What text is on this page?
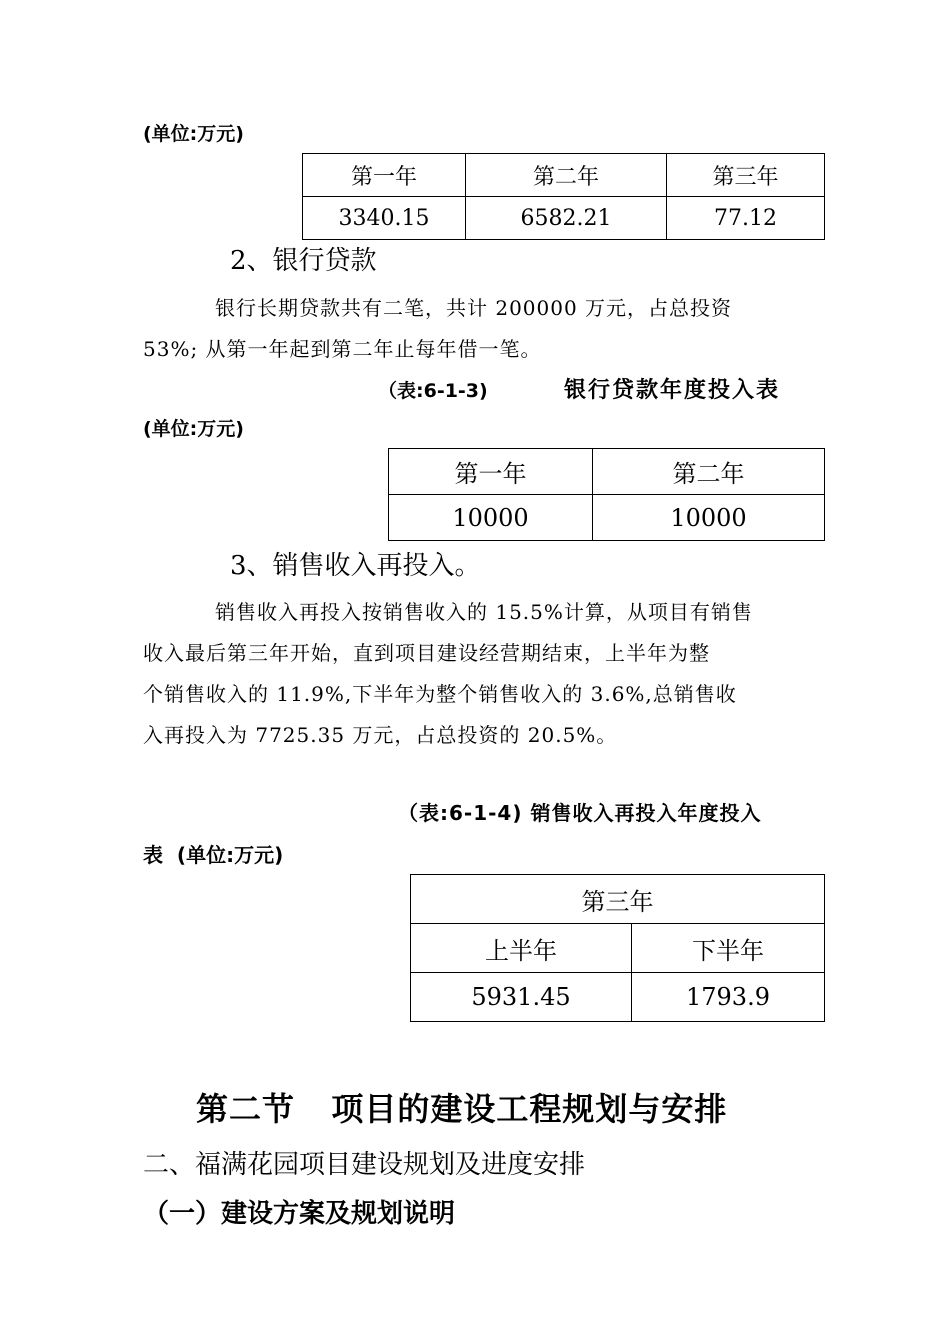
(单位:万元)
第一年	第二年	第三年
3340.15	6582.21	77.12
2、银行贷款
银行长期贷款共有二笔，共计 200000 万元，占总投资
53%; 从第一年起到第二年止每年借一笔。
（表:6-1-3)	银行贷款年度投入表
(单位:万元)
第一年	第二年
10000	10000
3、销售收入再投入。
销售收入再投入按销售收入的 15.5%计算，从项目有销售
收入最后第三年开始，直到项目建设经营期结束，上半年为整
个销售收入的 11.9%,下半年为整个销售收入的 3.6%,总销售收
入再投入为 7725.35 万元，占总投资的 20.5%。
（表:6-1-4) 销售收入再投入年度投入
表  (单位:万元)
第三年	
上半年	下半年
5931.45	1793.9
第二节   项目的建设工程规划与安排
二、福满花园项目建设规划及进度安排
（一）建设方案及规划说明
